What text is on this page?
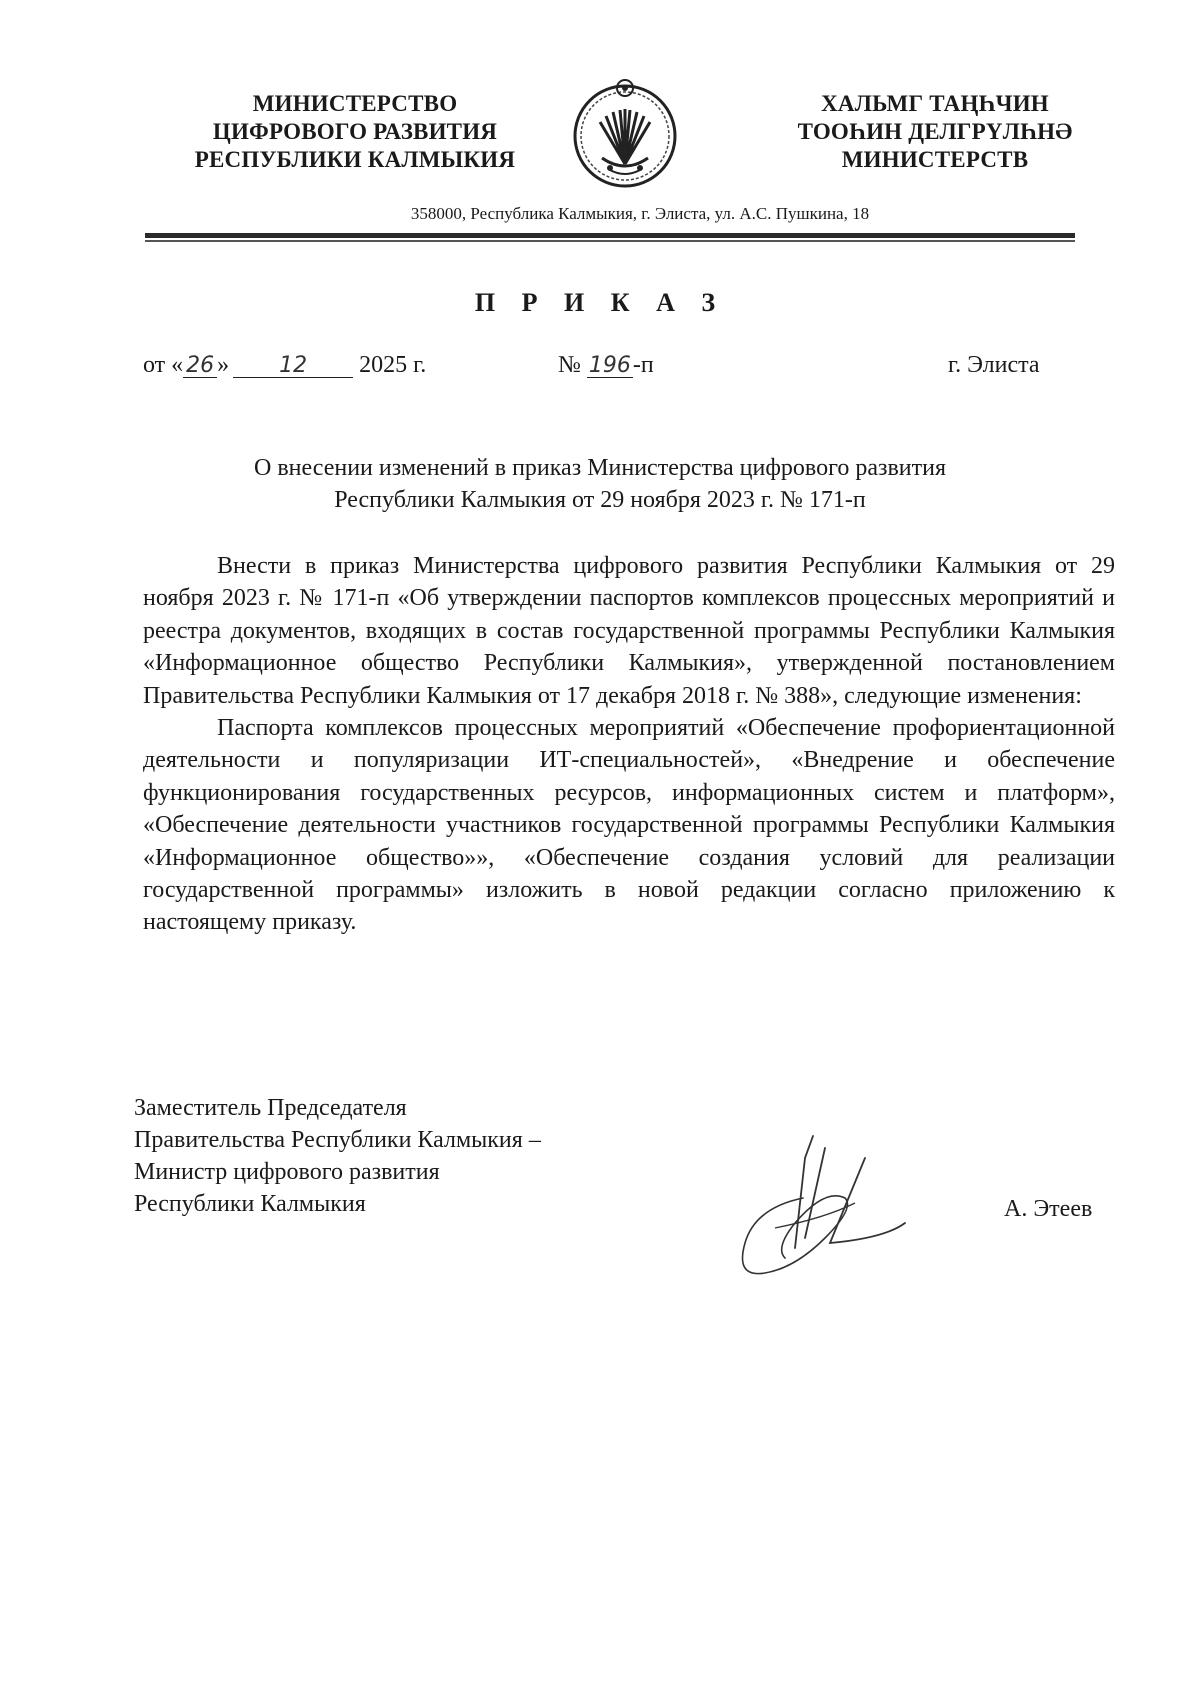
МИНИСТЕРСТВО
ЦИФРОВОГО РАЗВИТИЯ
РЕСПУБЛИКИ КАЛМЫКИЯ
ХАЛЬМГ ТАҢҺЧИН
ТООҺИН ДЕЛГРҮЛҺНӘ
МИНИСТЕРСТВ
358000, Республика Калмыкия, г. Элиста, ул. А.С. Пушкина, 18
П Р И К А З
от « 26 » 12 2025 г.	№ 196-п	г. Элиста
О внесении изменений в приказ Министерства цифрового развития
Республики Калмыкия от 29 ноября 2023 г. № 171-п

Внести в приказ Министерства цифрового развития Республики Калмыкия от 29 ноября 2023 г. № 171-п «Об утверждении паспортов комплексов процессных мероприятий и реестра документов, входящих в состав государственной программы Республики Калмыкия «Информационное общество Республики Калмыкия», утвержденной постановлением Правительства Республики Калмыкия от 17 декабря 2018 г. № 388», следующие изменения:

Паспорта комплексов процессных мероприятий «Обеспечение профориентационной деятельности и популяризации ИТ-специальностей», «Внедрение и обеспечение функционирования государственных ресурсов, информационных систем и платформ», «Обеспечение деятельности участников государственной программы Республики Калмыкия «Информационное общество»», «Обеспечение создания условий для реализации государственной программы» изложить в новой редакции согласно приложению к настоящему приказу.

Заместитель Председателя
Правительства Республики Калмыкия –
Министр цифрового развития
Республики Калмыкия	А. Этеев
